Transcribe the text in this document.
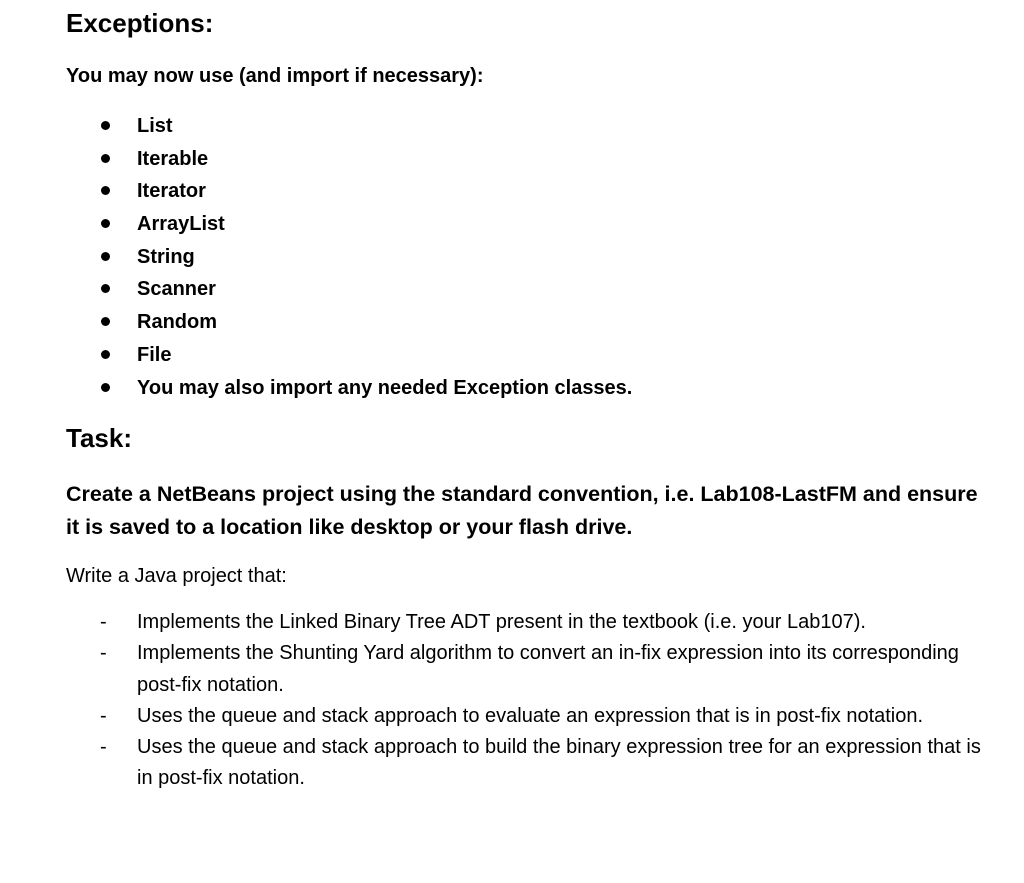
Exceptions:

You may now use (and import if necessary):

List
Iterable
Iterator
ArrayList
String
Scanner
Random
File
You may also import any needed Exception classes.
Task:

Create a NetBeans project using the standard convention, i.e. Lab108-LastFM and ensure it is saved to a location like desktop or your flash drive.

Write a Java project that:

- Implements the Linked Binary Tree ADT present in the textbook (i.e. your Lab107).
- Implements the Shunting Yard algorithm to convert an in-fix expression into its corresponding post-fix notation.
- Uses the queue and stack approach to evaluate an expression that is in post-fix notation.
- Uses the queue and stack approach to build the binary expression tree for an expression that is in post-fix notation.
